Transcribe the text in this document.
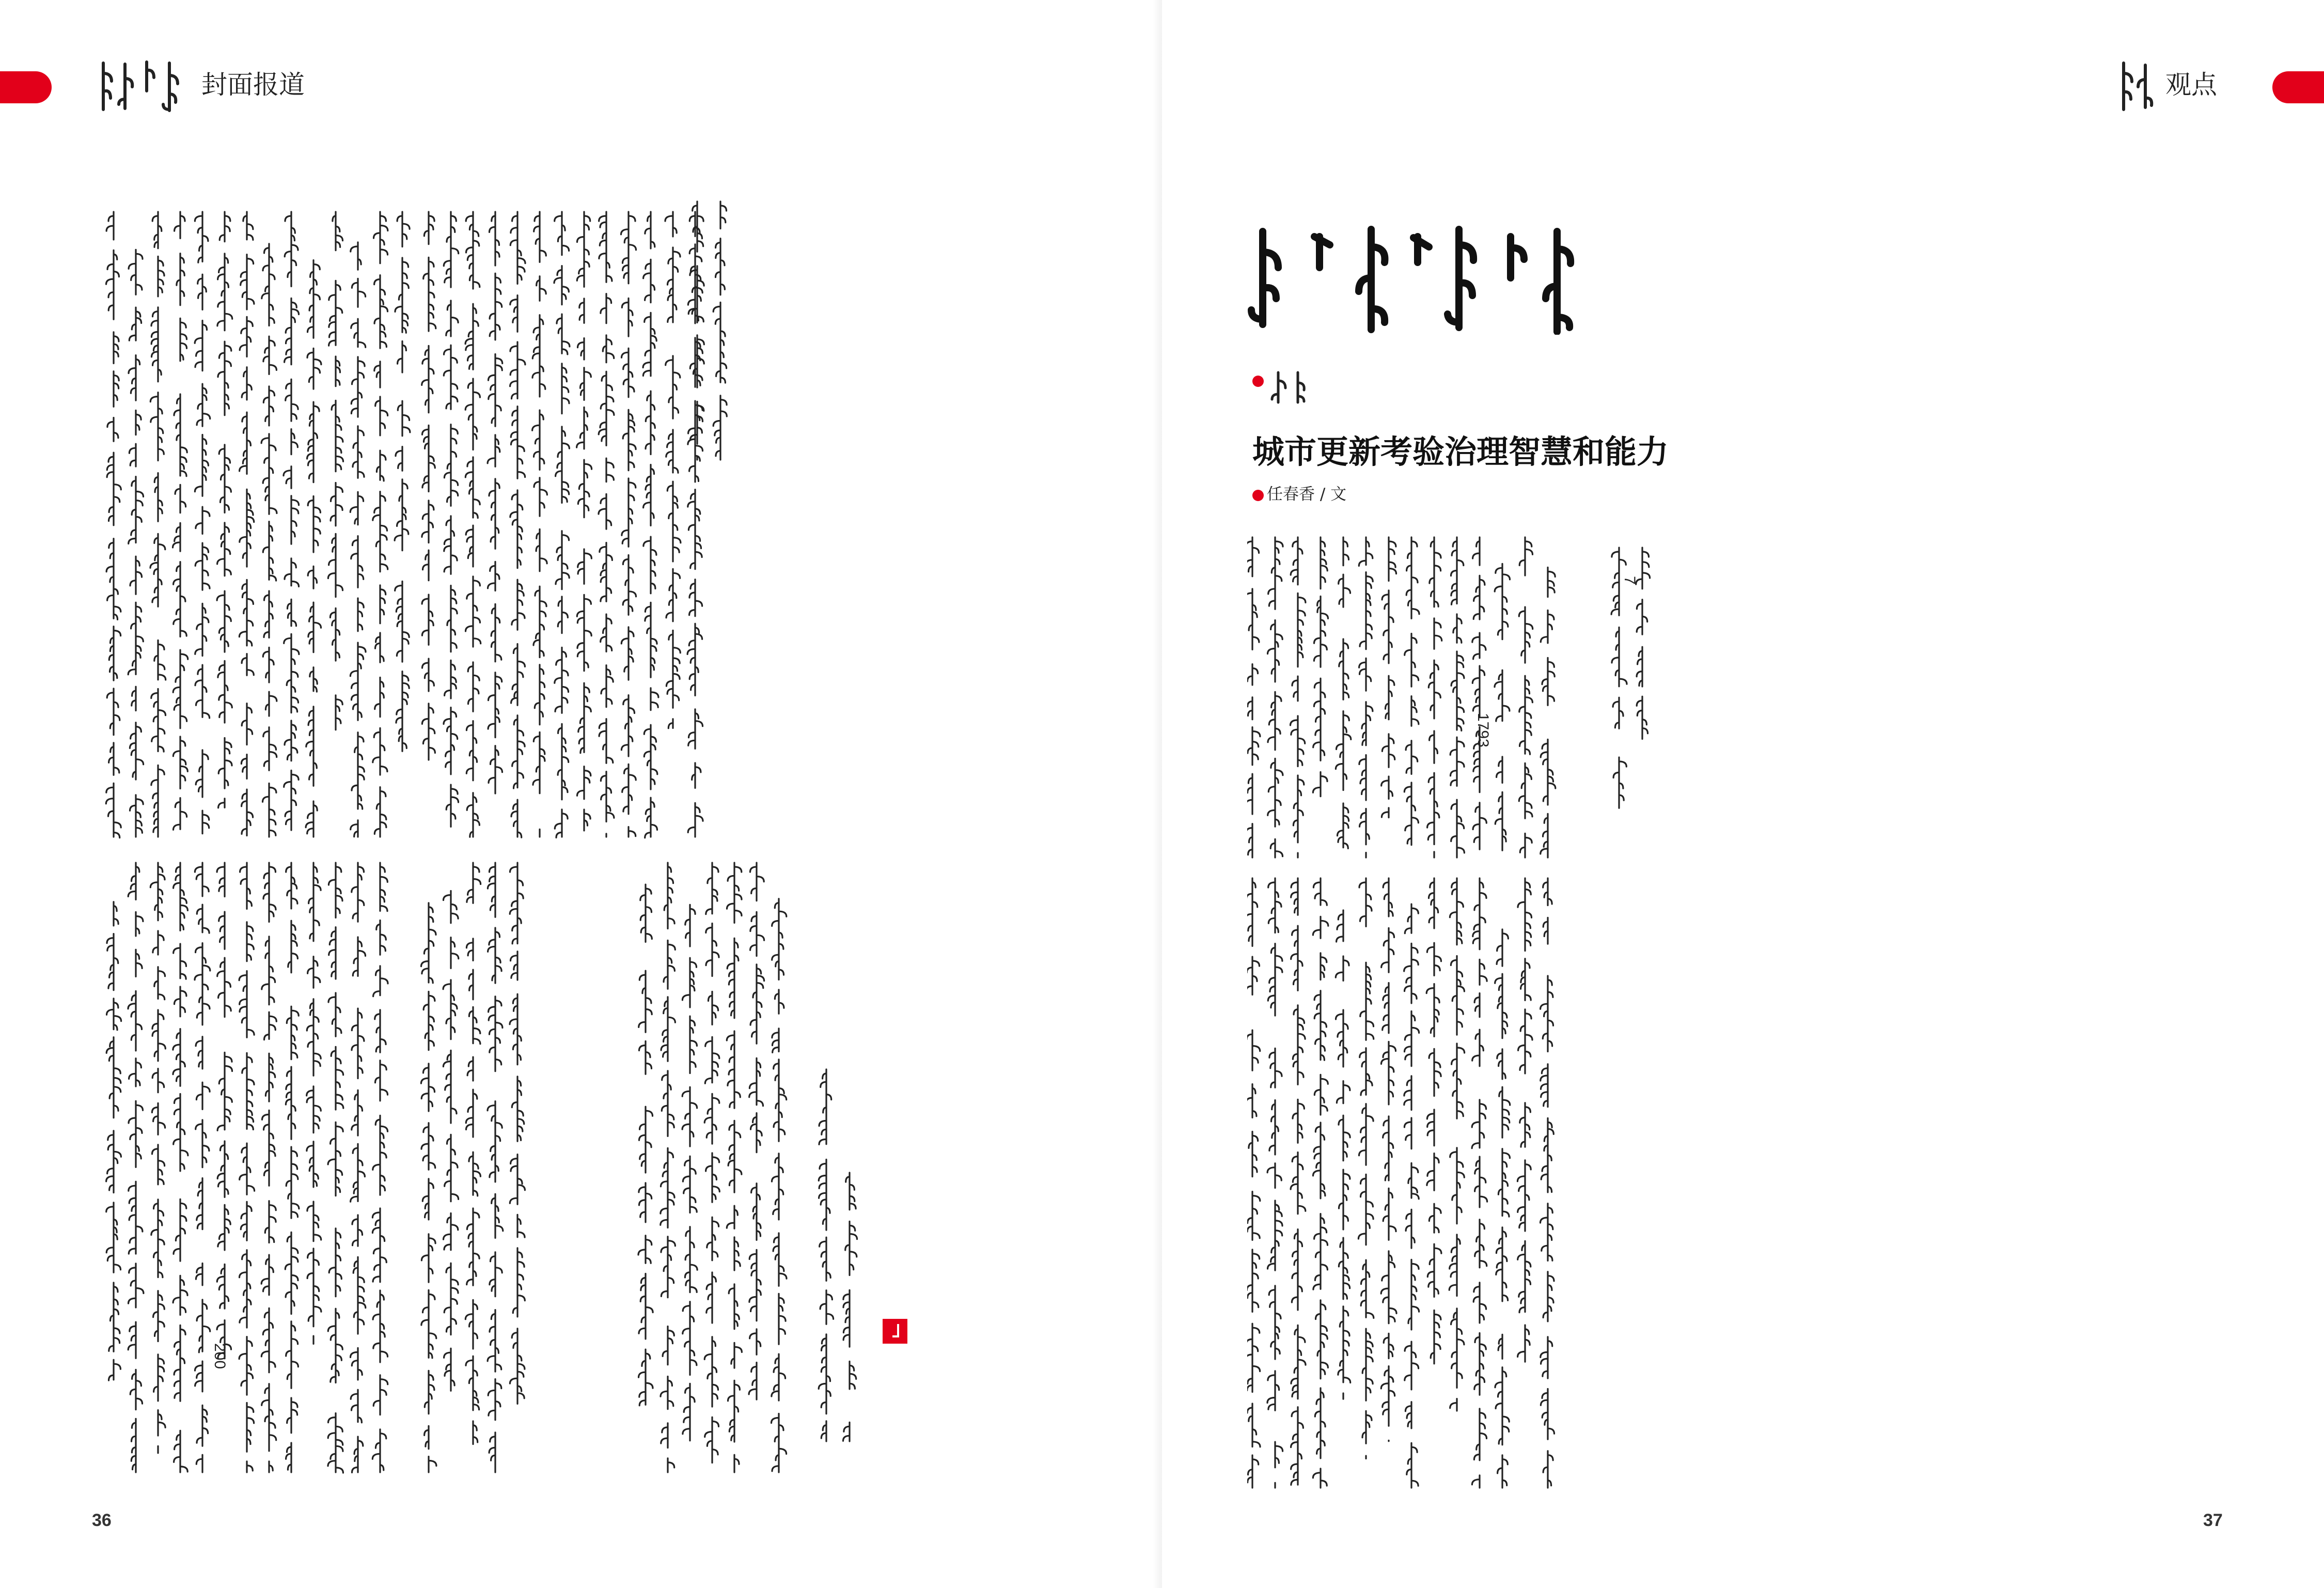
封面报道
200
36
观点
城市更新考验治理智慧和能力
任春香 / 文
7
1793
37
